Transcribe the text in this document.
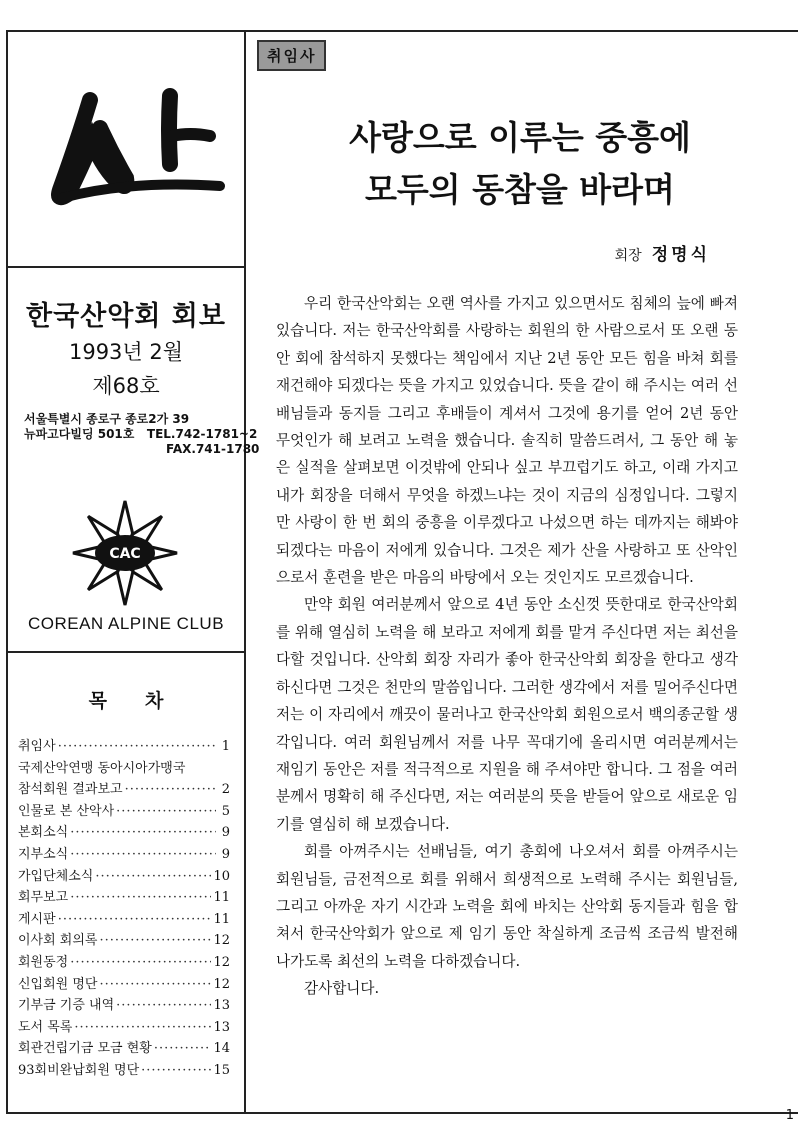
산
한국산악회 회보
1993년 2월
제68호
서울특별시 종로구 종로2가 39
뉴파고다빌딩 501호   TEL.742-1781~2
FAX.741-1780
CAC
COREAN ALPINE CLUB
목차
취임사 ·····	1
국제산악연맹 동아시아가맹국
참석회원 결과보고 ·····	2
인물로 본 산악사 ·····	5
본회소식 ·····	9
지부소식 ·····	9
가입단체소식 ·····	10
회무보고 ·····	11
게시판 ·····	11
이사회 회의록 ·····	12
회원동정 ·····	12
신입회원 명단 ·····	12
기부금 기증 내역 ·····	13
도서 목록 ·····	13
회관건립기금 모금 현황 ·····	14
93회비완납회원 명단 ·····	15
취임사
사랑으로 이루는 중흥에
모두의 동참을 바라며
회장 정명식

우리 한국산악회는 오랜 역사를 가지고 있으면서도 침체의 늪에 빠져 있습니다. 저는 한국산악회를 사랑하는 회원의 한 사람으로서 또 오랜 동안 회에 참석하지 못했다는 책임에서 지난 2년 동안 모든 힘을 바쳐 회를 재건해야 되겠다는 뜻을 가지고 있었습니다. 뜻을 같이 해 주시는 여러 선배님들과 동지들 그리고 후배들이 계셔서 그것에 용기를 얻어 2년 동안 무엇인가 해 보려고 노력을 했습니다. 솔직히 말씀드려서, 그 동안 해 놓은 실적을 살펴보면 이것밖에 안되나 싶고 부끄럽기도 하고, 이래 가지고 내가 회장을 더해서 무엇을 하겠느냐는 것이 지금의 심정입니다. 그렇지만 사랑이 한 번 회의 중흥을 이루겠다고 나섰으면 하는 데까지는 해봐야 되겠다는 마음이 저에게 있습니다. 그것은 제가 산을 사랑하고 또 산악인으로서 훈련을 받은 마음의 바탕에서 오는 것인지도 모르겠습니다.

만약 회원 여러분께서 앞으로 4년 동안 소신껏 뜻한대로 한국산악회를 위해 열심히 노력을 해 보라고 저에게 회를 맡겨 주신다면 저는 최선을 다할 것입니다. 산악회 회장 자리가 좋아 한국산악회 회장을 한다고 생각하신다면 그것은 천만의 말씀입니다. 그러한 생각에서 저를 밀어주신다면 저는 이 자리에서 깨끗이 물러나고 한국산악회 회원으로서 백의종군할 생각입니다. 여러 회원님께서 저를 나무 꼭대기에 올리시면 여러분께서는 재임기 동안은 저를 적극적으로 지원을 해 주셔야만 합니다. 그 점을 여러분께서 명확히 해 주신다면, 저는 여러분의 뜻을 받들어 앞으로 새로운 임기를 열심히 해 보겠습니다.

회를 아껴주시는 선배님들, 여기 총회에 나오셔서 회를 아껴주시는 회원님들, 금전적으로 회를 위해서 희생적으로 노력해 주시는 회원님들, 그리고 아까운 자기 시간과 노력을 회에 바치는 산악회 동지들과 힘을 합쳐서 한국산악회가 앞으로 제 임기 동안 착실하게 조금씩 조금씩 발전해 나가도록 최선의 노력을 다하겠습니다.

감사합니다.

1
